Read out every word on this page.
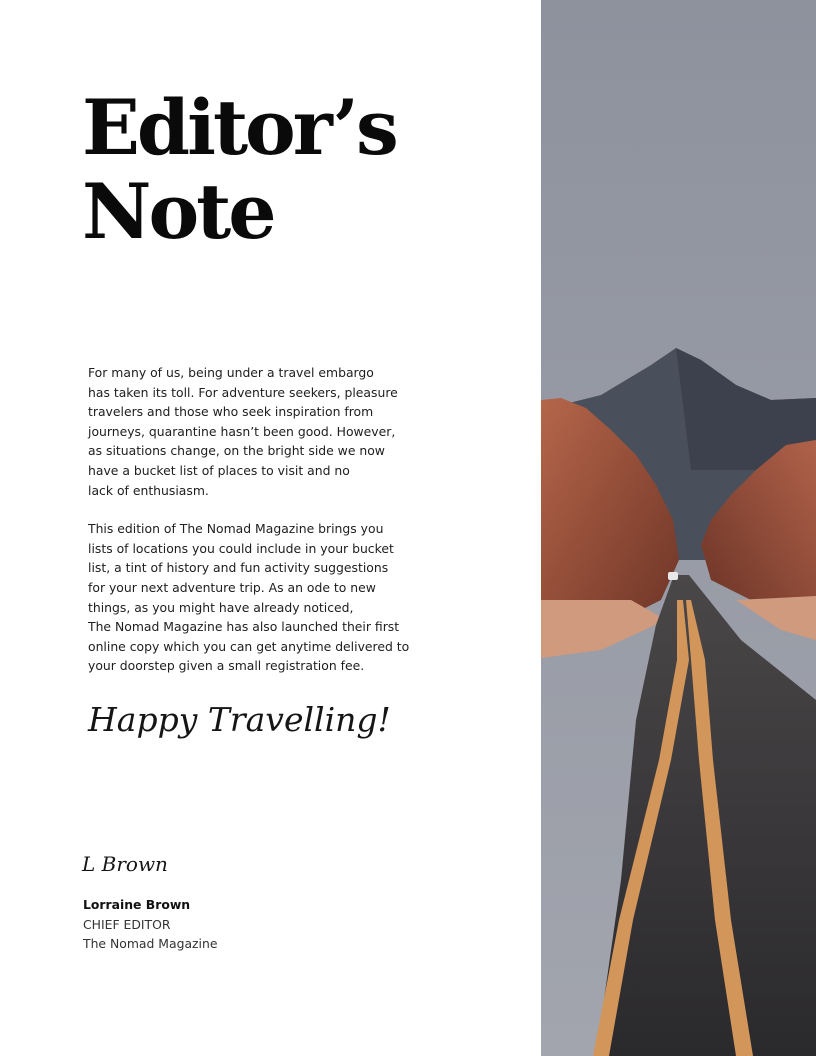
Editor’s
Note

For many of us, being under a travel embargo
has taken its toll. For adventure seekers, pleasure
travelers and those who seek inspiration from
journeys, quarantine hasn’t been good. However,
as situations change, on the bright side we now
have a bucket list of places to visit and no
lack of enthusiasm.

This edition of The Nomad Magazine brings you
lists of locations you could include in your bucket
list, a tint of history and fun activity suggestions
for your next adventure trip. As an ode to new
things, as you might have already noticed,
The Nomad Magazine has also launched their first
online copy which you can get anytime delivered to
your doorstep given a small registration fee.

Happy Travelling!

L Brown
Lorraine Brown
CHIEF EDITOR
The Nomad Magazine
